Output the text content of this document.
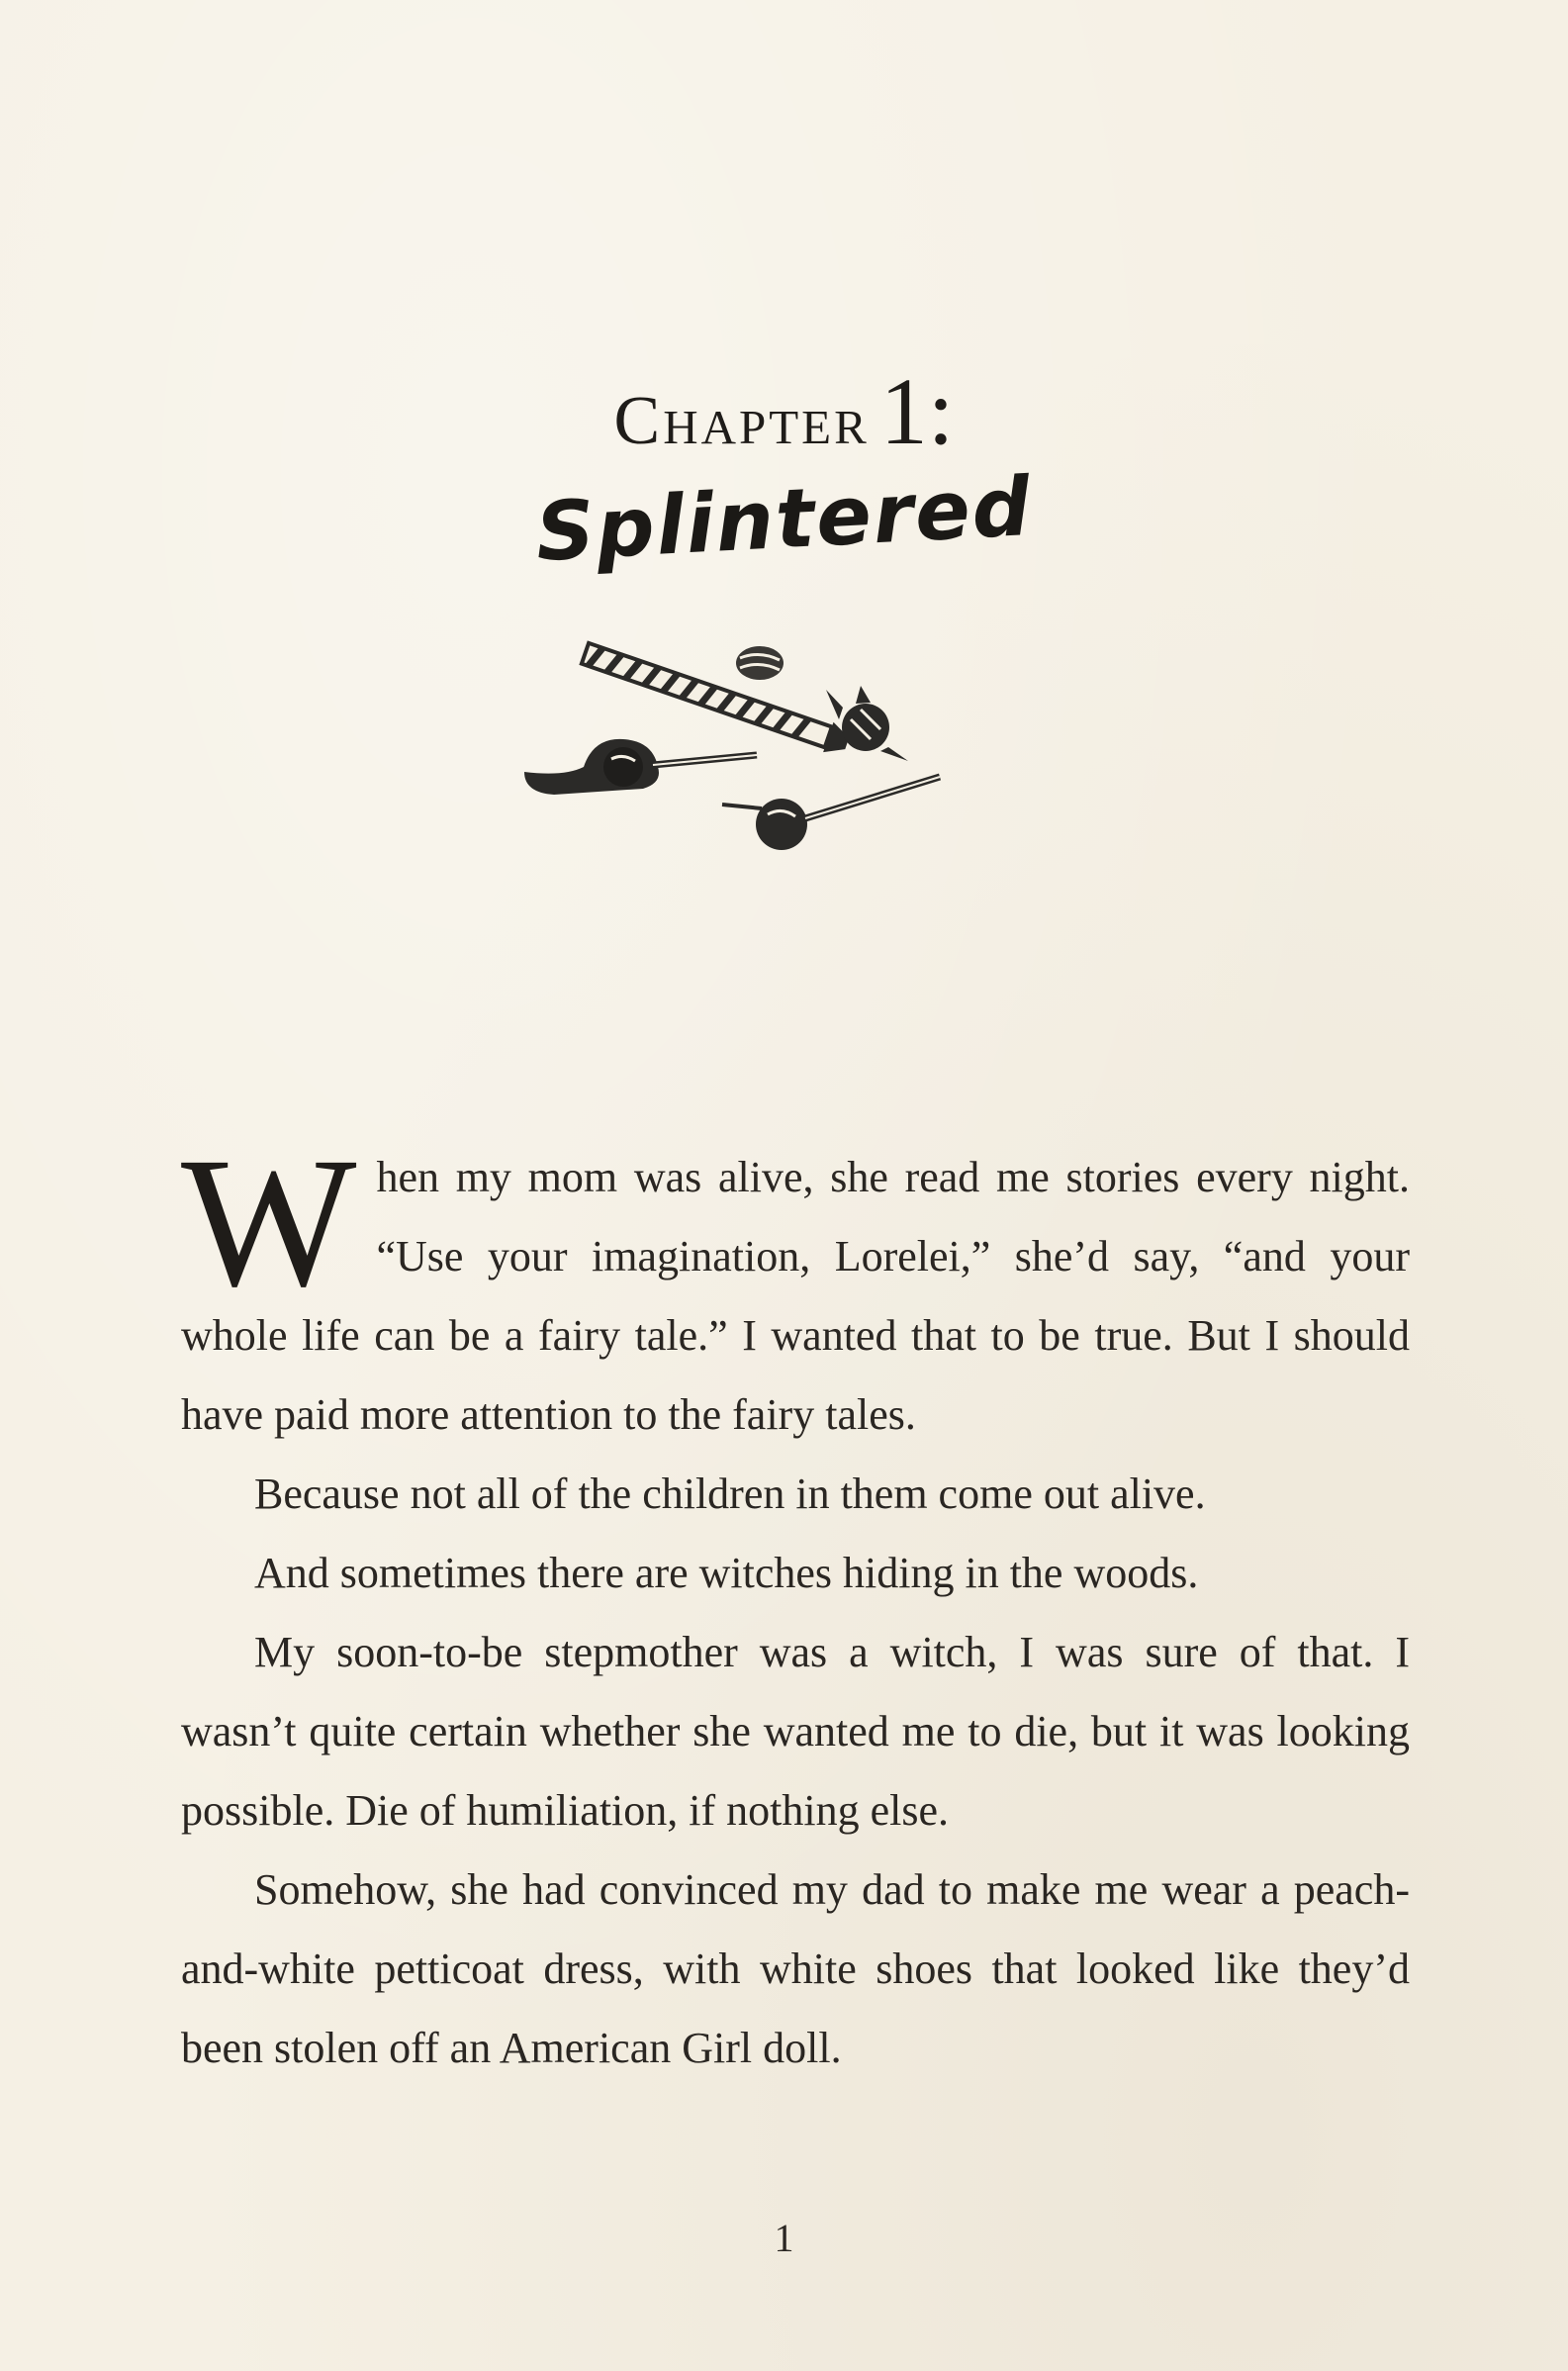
Chapter 1:
Splintered

When my mom was alive, she read me stories every night. “Use your imagination, Lorelei,” she’d say, “and your whole life can be a fairy tale.” I wanted that to be true. But I should have paid more attention to the fairy tales.

Because not all of the children in them come out alive.

And sometimes there are witches hiding in the woods.

My soon-to-be stepmother was a witch, I was sure of that. I wasn’t quite certain whether she wanted me to die, but it was looking possible. Die of humiliation, if nothing else.

Somehow, she had convinced my dad to make me wear a peach-and-white petticoat dress, with white shoes that looked like they’d been stolen off an American Girl doll.

1
